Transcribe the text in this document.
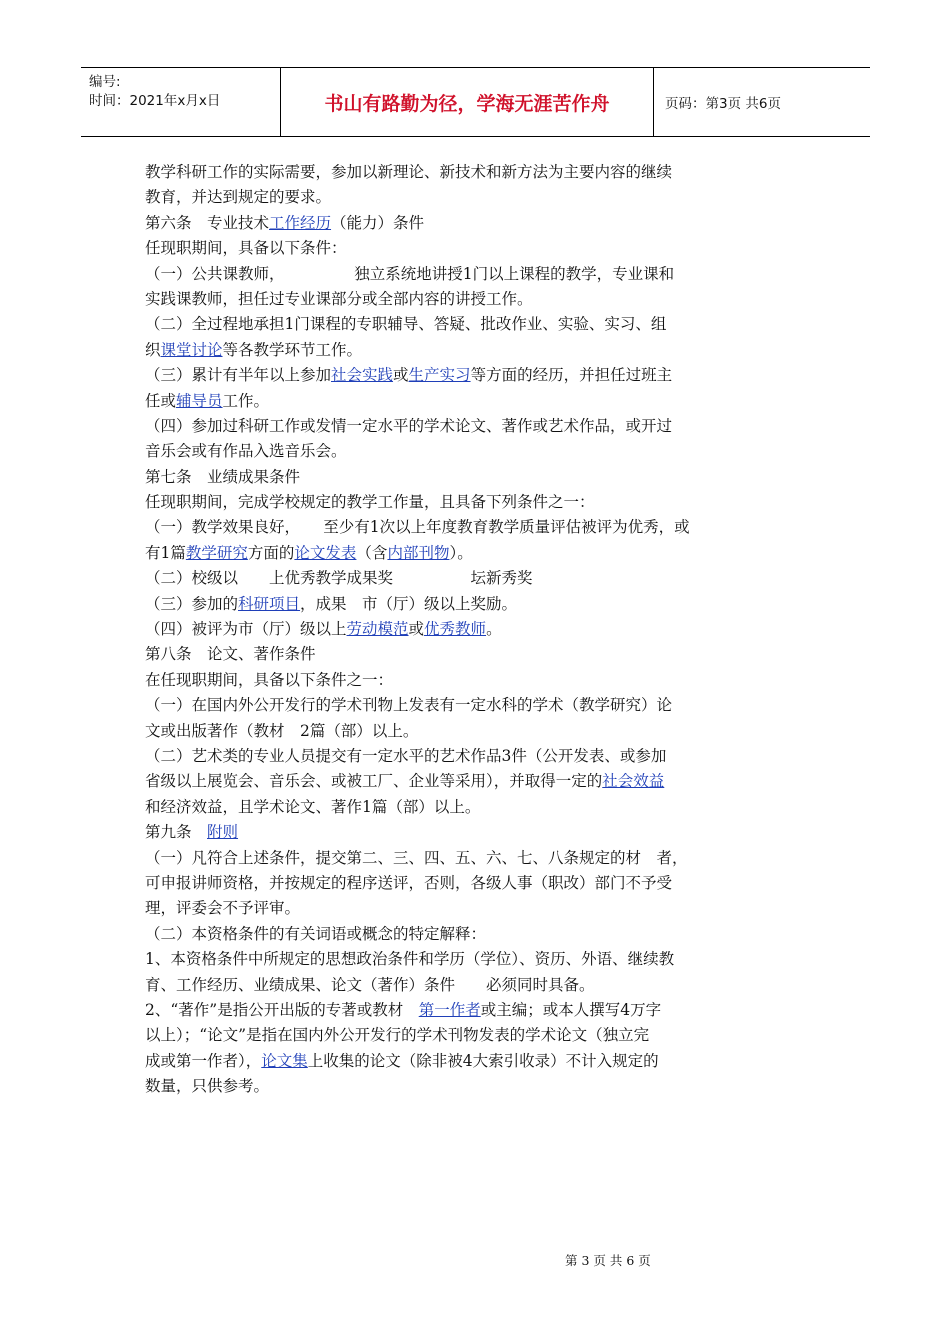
编号:
时间：2021年x月x日	书山有路勤为径，学海无涯苦作舟	页码：第3页 共6页
教学科研工作的实际需要，参加以新理论、新技术和新方法为主要内容的继续
教育，并达到规定的要求。
第六条　专业技术工作经历（能力）条件
任现职期间，具备以下条件：
（一）公共课教师，　　　　　独立系统地讲授1门以上课程的教学，专业课和
实践课教师，担任过专业课部分或全部内容的讲授工作。
（二）全过程地承担1门课程的专职辅导、答疑、批改作业、实验、实习、组
织课堂讨论等各教学环节工作。
（三）累计有半年以上参加社会实践或生产实习等方面的经历，并担任过班主
任或辅导员工作。
（四）参加过科研工作或发情一定水平的学术论文、著作或艺术作品，或开过
音乐会或有作品入选音乐会。
第七条　业绩成果条件
任现职期间，完成学校规定的教学工作量，且具备下列条件之一：
（一）教学效果良好，　　至少有1次以上年度教育教学质量评估被评为优秀，或
有1篇教学研究方面的论文发表（含内部刊物）。
（二）校级以　　上优秀教学成果奖　　　　　坛新秀奖
（三）参加的科研项目，成果　市（厅）级以上奖励。
（四）被评为市（厅）级以上劳动模范或优秀教师。
第八条　论文、著作条件
在任现职期间，具备以下条件之一：
（一）在国内外公开发行的学术刊物上发表有一定水科的学术（教学研究）论
文或出版著作（教材　2篇（部）以上。
（二）艺术类的专业人员提交有一定水平的艺术作品3件（公开发表、或参加
省级以上展览会、音乐会、或被工厂、企业等采用），并取得一定的社会效益
和经济效益，且学术论文、著作1篇（部）以上。
第九条　附则
（一）凡符合上述条件，提交第二、三、四、五、六、七、八条规定的材　者，
可申报讲师资格，并按规定的程序送评，否则，各级人事（职改）部门不予受
理，评委会不予评审。
（二）本资格条件的有关词语或概念的特定解释：
1、本资格条件中所规定的思想政治条件和学历（学位）、资历、外语、继续教
育、工作经历、业绩成果、论文（著作）条件　　必须同时具备。
2、“著作”是指公开出版的专著或教材　第一作者或主编；或本人撰写4万字
以上）；“论文”是指在国内外公开发行的学术刊物发表的学术论文（独立完
成或第一作者），论文集上收集的论文（除非被4大索引收录）不计入规定的
数量，只供参考。
第 3 页 共 6 页
